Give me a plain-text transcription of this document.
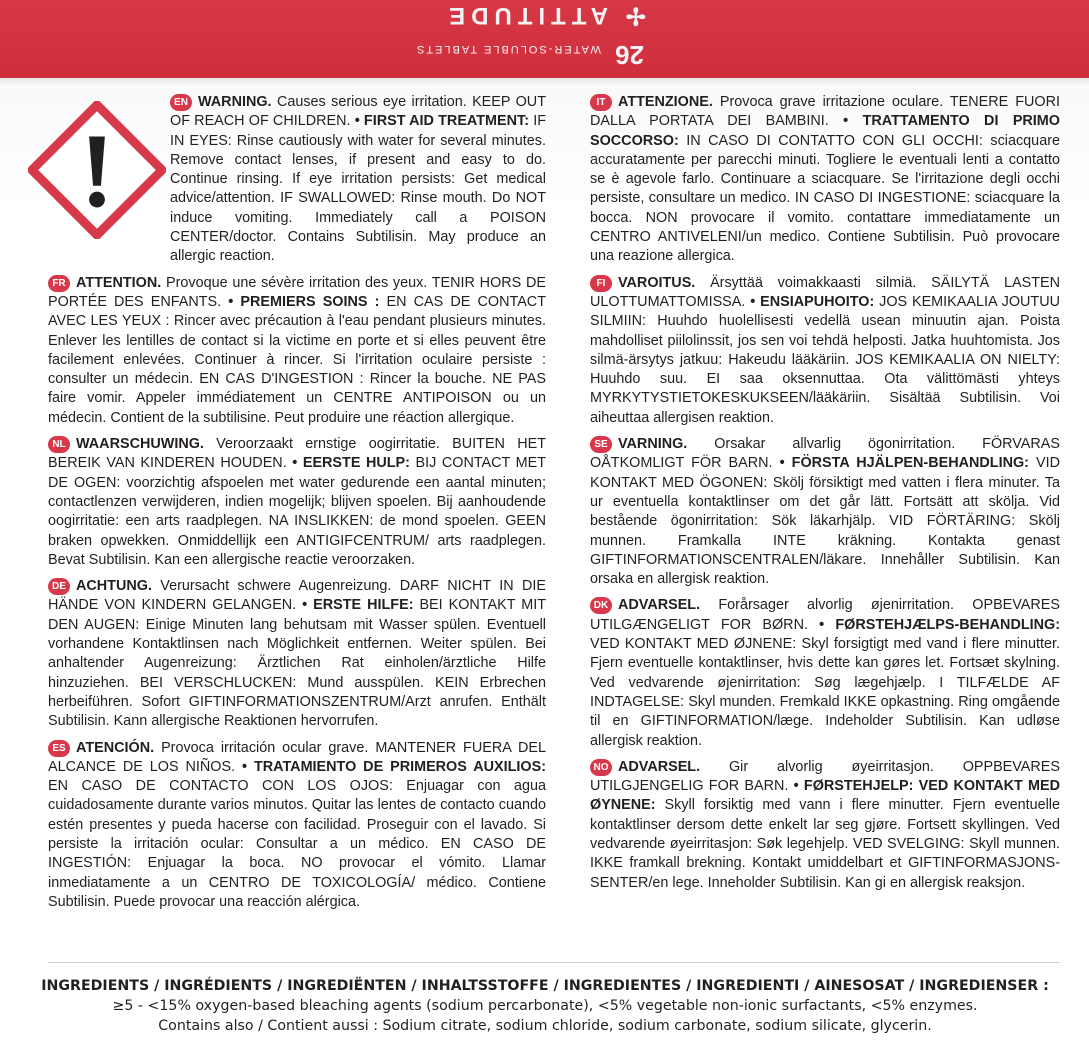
✢ ATTITUDE
26 WATER-SOLUBLE TABLETS

EN WARNING. Causes serious eye irritation. KEEP OUT OF REACH OF CHILDREN. • FIRST AID TREATMENT: IF IN EYES: Rinse cautiously with water for several minutes. Remove contact lenses, if present and easy to do. Continue rinsing. If eye irritation persists: Get medical advice/attention. IF SWALLOWED: Rinse mouth. Do NOT induce vomiting. Immediately call a POISON CENTER/doctor. Contains Subtilisin. May produce an allergic reaction.

FR ATTENTION. Provoque une sévère irritation des yeux. TENIR HORS DE PORTÉE DES ENFANTS. • PREMIERS SOINS : EN CAS DE CONTACT AVEC LES YEUX : Rincer avec précaution à l'eau pendant plusieurs minutes. Enlever les lentilles de contact si la victime en porte et si elles peuvent être facilement enlevées. Continuer à rincer. Si l'irritation oculaire persiste : consulter un médecin. EN CAS D'INGESTION : Rincer la bouche. NE PAS faire vomir. Appeler immédiatement un CENTRE ANTIPOISON ou un médecin. Contient de la subtilisine. Peut produire une réaction allergique.

NL WAARSCHUWING. Veroorzaakt ernstige oogirritatie. BUITEN HET BEREIK VAN KINDEREN HOUDEN. • EERSTE HULP: BIJ CONTACT MET DE OGEN: voorzichtig afspoelen met water gedurende een aantal minuten; contactlenzen verwijderen, indien mogelijk; blijven spoelen. Bij aanhoudende oogirritatie: een arts raadplegen. NA INSLIKKEN: de mond spoelen. GEEN braken opwekken. Onmiddellijk een ANTIGIFCENTRUM/ arts raadplegen. Bevat Subtilisin. Kan een allergische reactie veroorzaken.

DE ACHTUNG. Verursacht schwere Augenreizung. DARF NICHT IN DIE HÄNDE VON KINDERN GELANGEN. • ERSTE HILFE: BEI KONTAKT MIT DEN AUGEN: Einige Minuten lang behutsam mit Wasser spülen. Eventuell vorhandene Kontaktlinsen nach Möglichkeit entfernen. Weiter spülen. Bei anhaltender Augenreizung: Ärztlichen Rat einholen/ärztliche Hilfe hinzuziehen. BEI VERSCHLUCKEN: Mund ausspülen. KEIN Erbrechen herbeiführen. Sofort GIFTINFORMATIONSZENTRUM/Arzt anrufen. Enthält Subtilisin. Kann allergische Reaktionen hervorrufen.

ES ATENCIÓN. Provoca irritación ocular grave. MANTENER FUERA DEL ALCANCE DE LOS NIÑOS. • TRATAMIENTO DE PRIMEROS AUXILIOS: EN CASO DE CONTACTO CON LOS OJOS: Enjuagar con agua cuidadosamente durante varios minutos. Quitar las lentes de contacto cuando estén presentes y pueda hacerse con facilidad. Proseguir con el lavado. Si persiste la irritación ocular: Consultar a un médico. EN CASO DE INGESTIÓN: Enjuagar la boca. NO provocar el vómito. Llamar inmediatamente a un CENTRO DE TOXICOLOGÍA/ médico. Contiene Subtilisin. Puede provocar una reacción alérgica.

IT ATTENZIONE. Provoca grave irritazione oculare. TENERE FUORI DALLA PORTATA DEI BAMBINI. • TRATTAMENTO DI PRIMO SOCCORSO: IN CASO DI CONTATTO CON GLI OCCHI: sciacquare accuratamente per parecchi minuti. Togliere le eventuali lenti a contatto se è agevole farlo. Continuare a sciacquare. Se l'irritazione degli occhi persiste, consultare un medico. IN CASO DI INGESTIONE: sciacquare la bocca. NON provocare il vomito. contattare immediatamente un CENTRO ANTIVELENI/un medico. Contiene Subtilisin. Può provocare una reazione allergica.

FI VAROITUS. Ärsyttää voimakkaasti silmiä. SÄILYTÄ LASTEN ULOTTUMATTOMISSA. • ENSIAPUHOITO: JOS KEMIKAALIA JOUTUU SILMIIN: Huuhdo huolellisesti vedellä usean minuutin ajan. Poista mahdolliset piilolinssit, jos sen voi tehdä helposti. Jatka huuhtomista. Jos silmä-ärsytys jatkuu: Hakeudu lääkäriin. JOS KEMIKAALIA ON NIELTY: Huuhdo suu. EI saa oksennuttaa. Ota välittömästi yhteys MYRKYTYSTIETOKESKUKSEEN/lääkäriin. Sisältää Subtilisin. Voi aiheuttaa allergisen reaktion.

SE VARNING. Orsakar allvarlig ögonirritation. FÖRVARAS OÅTKOMLIGT FÖR BARN. • FÖRSTA HJÄLPEN-BEHANDLING: VID KONTAKT MED ÖGONEN: Skölj försiktigt med vatten i flera minuter. Ta ur eventuella kontaktlinser om det går lätt. Fortsätt att skölja. Vid bestående ögonirritation: Sök läkarhjälp. VID FÖRTÄRING: Skölj munnen. Framkalla INTE kräkning. Kontakta genast GIFTINFORMATIONSCENTRALEN/läkare. Innehåller Subtilisin. Kan orsaka en allergisk reaktion.

DK ADVARSEL. Forårsager alvorlig øjenirritation. OPBEVARES UTILGÆNGELIGT FOR BØRN. • FØRSTEHJÆLPS-BEHANDLING: VED KONTAKT MED ØJNENE: Skyl forsigtigt med vand i flere minutter. Fjern eventuelle kontaktlinser, hvis dette kan gøres let. Fortsæt skylning. Ved vedvarende øjenirritation: Søg lægehjælp. I TILFÆLDE AF INDTAGELSE: Skyl munden. Fremkald IKKE opkastning. Ring omgående til en GIFTINFORMATION/læge. Indeholder Subtilisin. Kan udløse allergisk reaktion.

NO ADVARSEL. Gir alvorlig øyeirritasjon. OPPBEVARES UTILGJENGELIG FOR BARN. • FØRSTEHJELP: VED KONTAKT MED ØYNENE: Skyll forsiktig med vann i flere minutter. Fjern eventuelle kontaktlinser dersom dette enkelt lar seg gjøre. Fortsett skyllingen. Ved vedvarende øyeirritasjon: Søk legehjelp. VED SVELGING: Skyll munnen. IKKE framkall brekning. Kontakt umiddelbart et GIFTINFORMASJONS-SENTER/en lege. Inneholder Subtilisin. Kan gi en allergisk reaksjon.

INGREDIENTS / INGRÉDIENTS / INGREDIËNTEN / INHALTSSTOFFE / INGREDIENTES / INGREDIENTI / AINESOSAT / INGREDIENSER :
≥5 - <15% oxygen-based bleaching agents (sodium percarbonate), <5% vegetable non-ionic surfactants, <5% enzymes.
Contains also / Contient aussi : Sodium citrate, sodium chloride, sodium carbonate, sodium silicate, glycerin.
